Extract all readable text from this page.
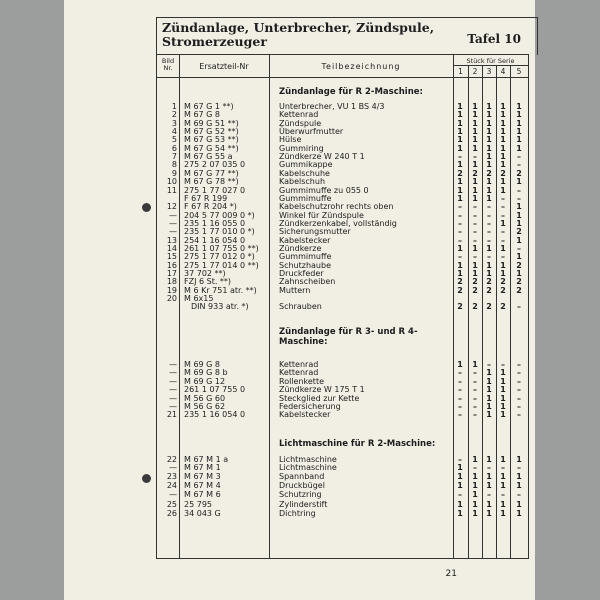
Zündanlage, Unterbrecher, Zündspule, Stromerzeuger	Tafel 10
Bild Nr.	Ersatzteil-Nr	Teilbezeichnung
Stück für Serie
1	2	3	4	5
Zündanlage für R 2-Maschine:
Zündanlage für R 3- und R 4-Maschine:
Lichtmaschine für R 2-Maschine:
1 M 67 G 1 **)	Unterbrecher, VU 1 BS 4/3	1	1	1	1	1
2 M 67 G 8	Kettenrad	1	1	1	1	1
3 M 69 G 51 **)	Zündspule	1	1	1	1	1
4 M 67 G 52 **)	Überwurfmutter	1	1	1	1	1
5 M 67 G 53 **)	Hülse	1	1	1	1	1
6 M 67 G 54 **)	Gummiring	1	1	1	1	1
7 M 67 G 55 a	Zündkerze W 240 T 1	–	–	1	1	–
8 275 2 07 035 0	Gummikappe	1	1	1	1	–
9 M 67 G 77 **)	Kabelschuhe	2	2	2	2	2
10 M 67 G 78 **)	Kabelschuh	1	1	1	1	1
11 275 1 77 027 0	Gummimuffe zu 055 0	1	1	1	1	–
F 67 R 199	Gummimuffe	1	1	1	–	–
12 F 67 R 204 *)	Kabelschutzrohr rechts oben	–	–	–	–	1
— 204 5 77 009 0 *)	Winkel für Zündspule	–	–	–	–	1
— 235 1 16 055 0	Zündkerzenkabel, vollständig	–	–	–	1	1
— 235 1 77 010 0 *)	Sicherungsmutter	–	–	–	–	2
13 254 1 16 054 0	Kabelstecker	–	–	–	–	1
14 261 1 07 755 0 **)	Zündkerze	1	1	1	1	–
15 275 1 77 012 0 *)	Gummimuffe	–	–	–	–	1
16 275 1 77 014 0 **)	Schutzhaube	1	1	1	1	2
17 37 702 **)	Druckfeder	1	1	1	1	1
18 FZJ 6 St. **)	Zahnscheiben	2	2	2	2	2
19 M 6 Kr 751 atr. **)	Muttern	2	2	2	2	2
20 M 6x15
DIN 933 atr. *)	Schrauben	2	2	2	2	–
— M 69 G 8	Kettenrad	1	1	–	–	–
— M 69 G 8 b	Kettenrad	–	–	1	1	–
— M 69 G 12	Rollenkette	–	–	1	1	–
— 261 1 07 755 0	Zündkerze W 175 T 1	–	–	1	1	–
— M 56 G 60	Steckglied zur Kette	–	–	1	1	–
— M 56 G 62	Federsicherung	–	–	1	1	–
21 235 1 16 054 0	Kabelstecker	–	–	1	1	–
22 M 67 M 1 a	Lichtmaschine	–	1	1	1	1
— M 67 M 1	Lichtmaschine	1	–	–	–	–
23 M 67 M 3	Spannband	1	1	1	1	1
24 M 67 M 4	Druckbügel	1	1	1	1	1
— M 67 M 6	Schutzring	–	1	–	–	–
25 25 795	Zylinderstift	1	1	1	1	1
26 34 043 G	Dichtring	1	1	1	1	1
21
